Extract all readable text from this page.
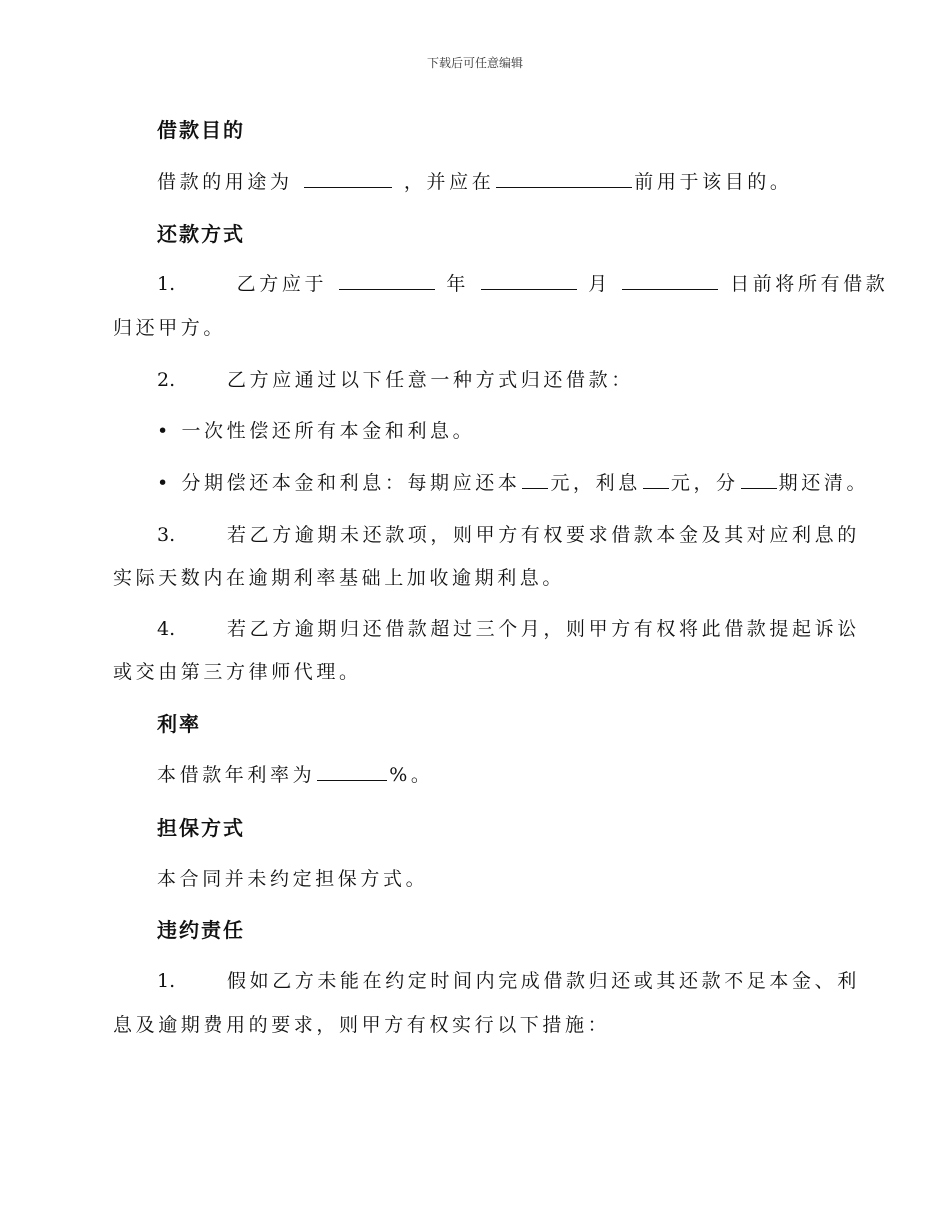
下载后可任意编辑
借款目的
借款的用途为	，并应在	前用于该目的。
还款方式
1.	乙方应于	年	月	日前将所有借款
归还甲方。
2.	乙方应通过以下任意一种方式归还借款：
• 一次性偿还所有本金和利息。
• 分期偿还本金和利息：每期应还本 元，利息 元，分 期还清。
3.	若乙方逾期未还款项，则甲方有权要求借款本金及其对应利息的
实际天数内在逾期利率基础上加收逾期利息。
4.	若乙方逾期归还借款超过三个月，则甲方有权将此借款提起诉讼
或交由第三方律师代理。
利率
本借款年利率为	%。
担保方式
本合同并未约定担保方式。
违约责任
1.	假如乙方未能在约定时间内完成借款归还或其还款不足本金、利
息及逾期费用的要求，则甲方有权实行以下措施：
